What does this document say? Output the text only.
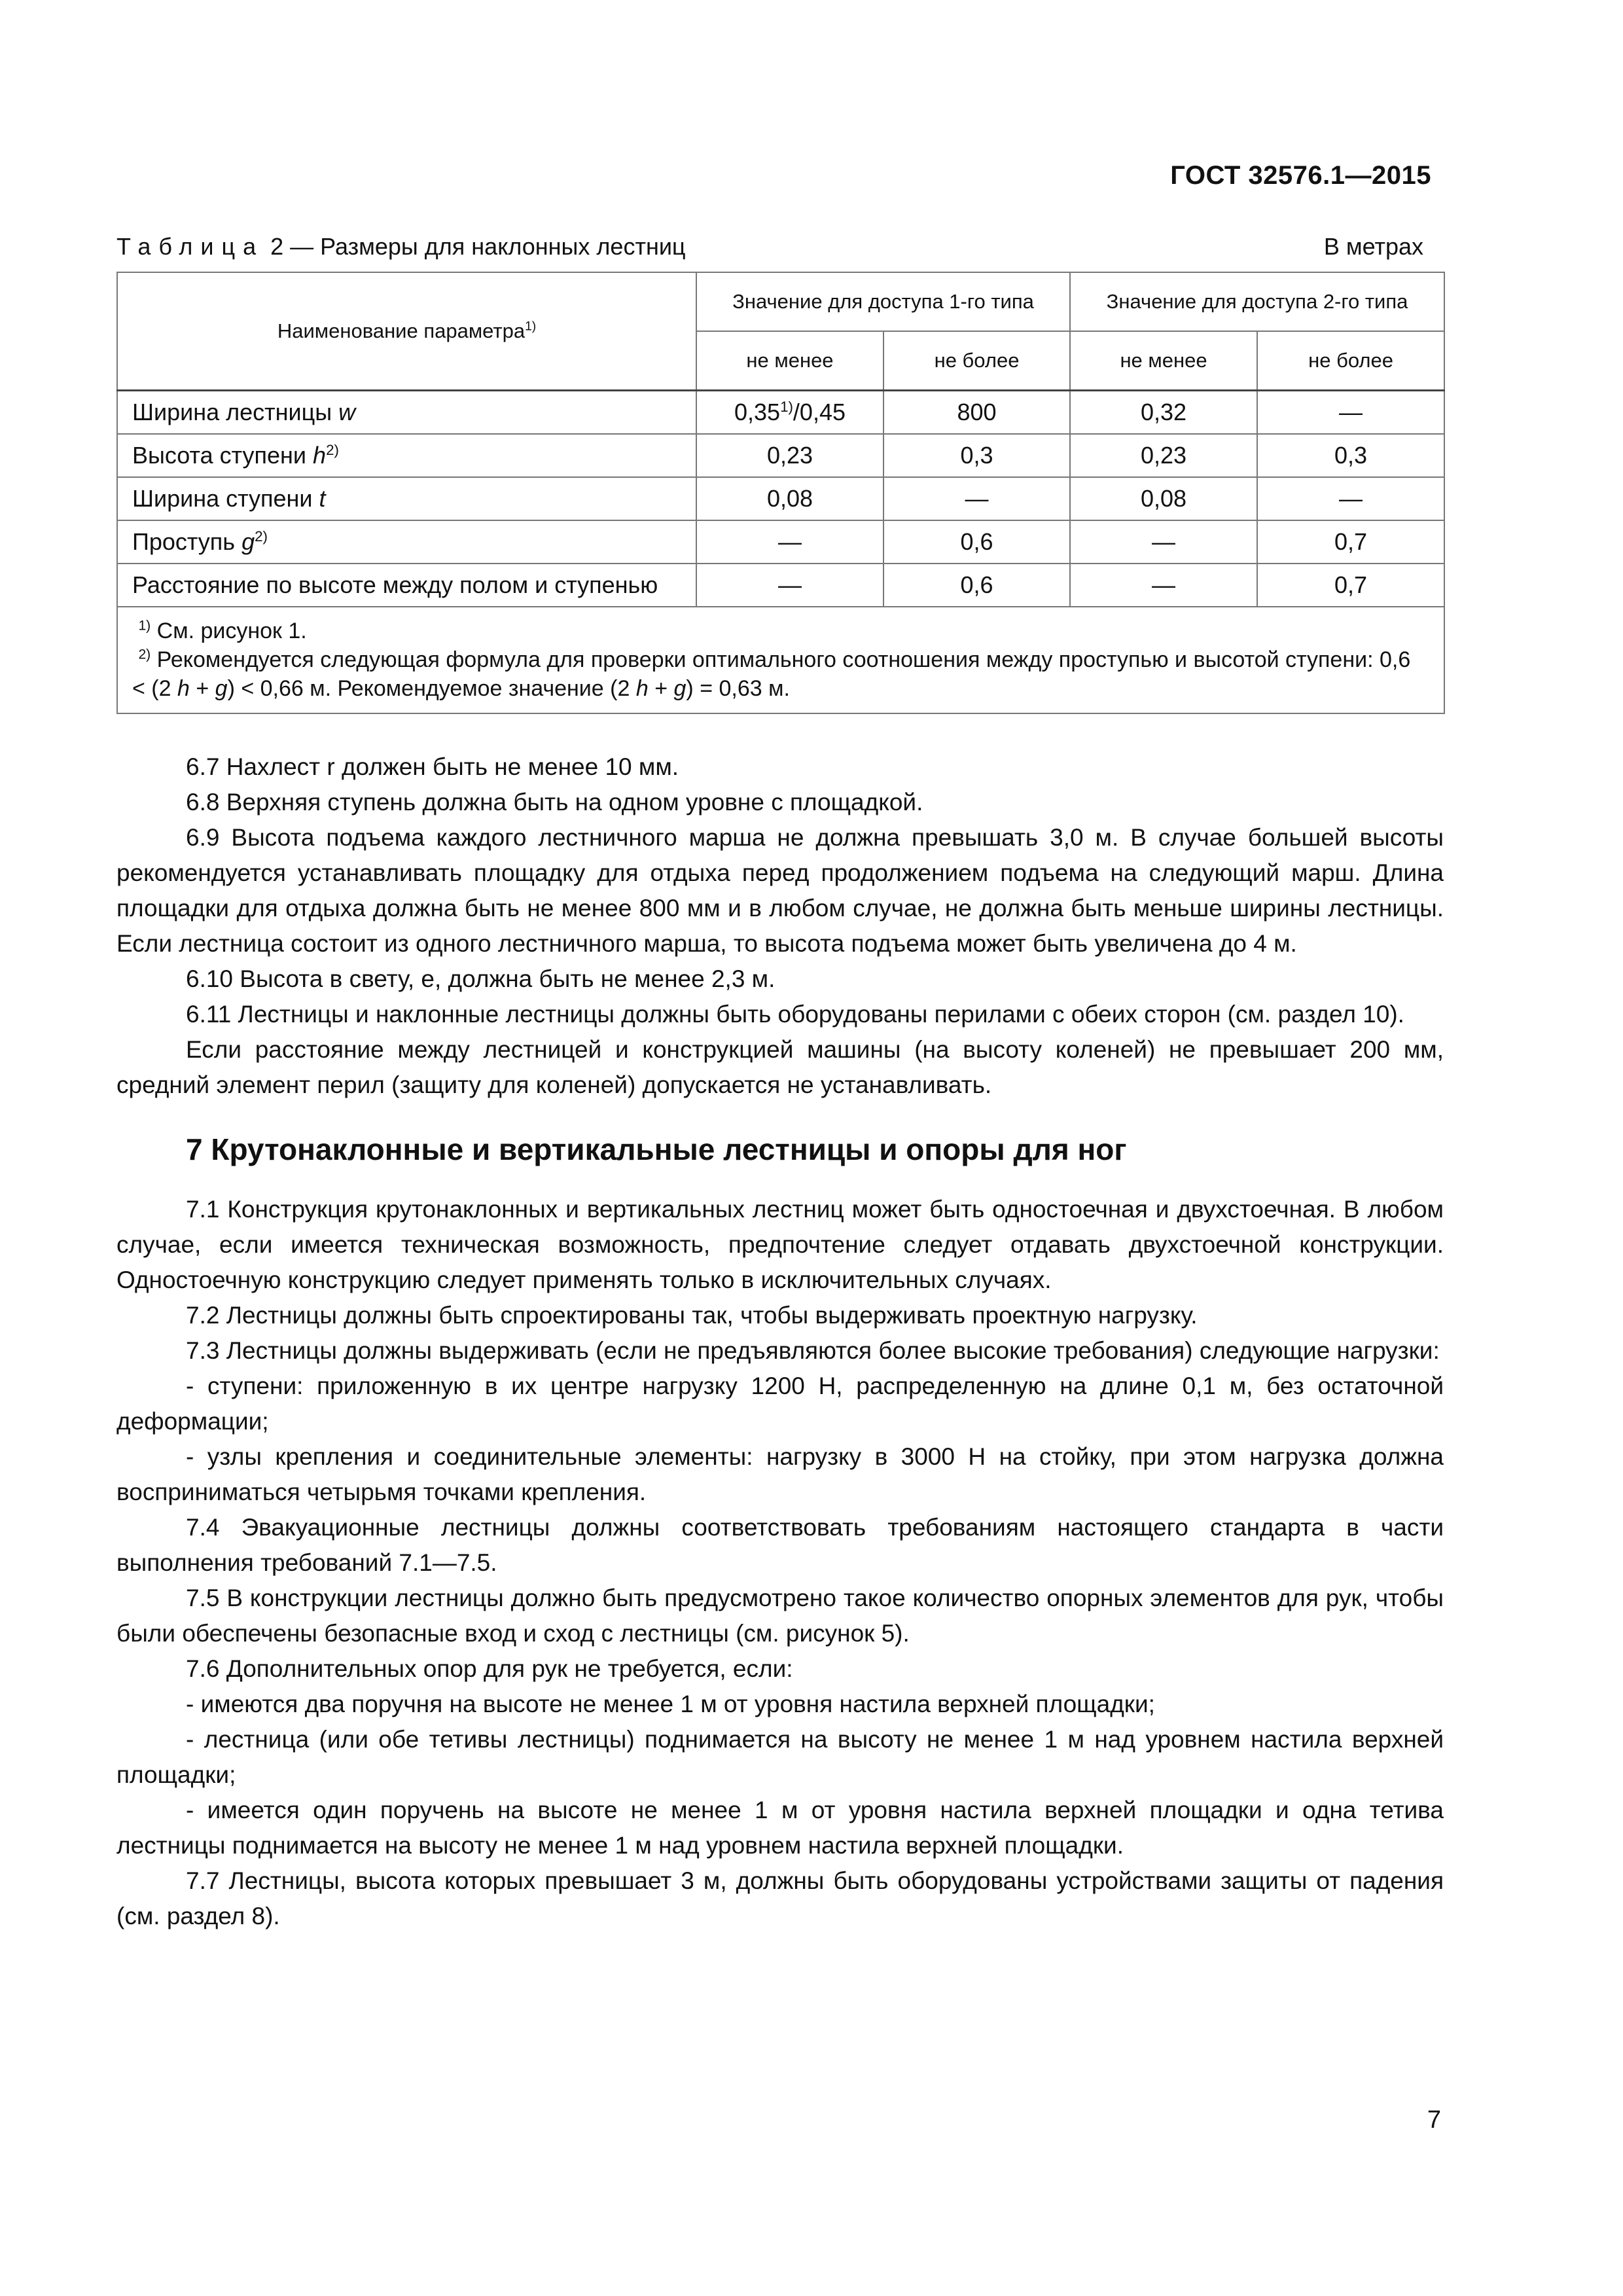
ГОСТ 32576.1—2015
Таблица 2 — Размеры для наклонных лестниц	В метрах
Наименование параметра$^{1)}$	Значение для доступа 1-го типа		Значение для доступа 2-го типа	
	не менее	не более	не менее	не более
Ширина лестницы w	0,35$^{1)}$/0,45	800	0,32	—
Высота ступени $h^{2)}$	0,23	0,3	0,23	0,3
Ширина ступени t	0,08	—	0,08	—
Проступь $g^{2)}$	—	0,6	—	0,7
Расстояние по высоте между полом и ступенью	—	0,6	—	0,7

$^{1)}$ См. рисунок 1.
$^{2)}$ Рекомендуется следующая формула для проверки оптимального соотношения между проступью и высотой ступени: 0,6 < (2 h + g) < 0,66 м. Рекомендуемое значение (2 h + g) = 0,63 м.				

6.7 Нахлест r должен быть не менее 10 мм.

6.8 Верхняя ступень должна быть на одном уровне с площадкой.

6.9 Высота подъема каждого лестничного марша не должна превышать 3,0 м. В случае большей высоты рекомендуется устанавливать площадку для отдыха перед продолжением подъема на следующий марш. Длина площадки для отдыха должна быть не менее 800 мм и в любом случае, не должна быть меньше ширины лестницы. Если лестница состоит из одного лестничного марша, то высота подъема может быть увеличена до 4 м.

6.10 Высота в свету, е, должна быть не менее 2,3 м.

6.11 Лестницы и наклонные лестницы должны быть оборудованы перилами с обеих сторон (см. раздел 10).

Если расстояние между лестницей и конструкцией машины (на высоту коленей) не превышает 200 мм, средний элемент перил (защиту для коленей) допускается не устанавливать.

7 Крутонаклонные и вертикальные лестницы и опоры для ног

7.1 Конструкция крутонаклонных и вертикальных лестниц может быть одностоечная и двухстоечная. В любом случае, если имеется техническая возможность, предпочтение следует отдавать двухстоечной конструкции. Одностоечную конструкцию следует применять только в исключительных случаях.

7.2 Лестницы должны быть спроектированы так, чтобы выдерживать проектную нагрузку.

7.3 Лестницы должны выдерживать (если не предъявляются более высокие требования) следующие нагрузки:

- ступени: приложенную в их центре нагрузку 1200 Н, распределенную на длине 0,1 м, без остаточной деформации;

- узлы крепления и соединительные элементы: нагрузку в 3000 Н на стойку, при этом нагрузка должна восприниматься четырьмя точками крепления.

7.4 Эвакуационные лестницы должны соответствовать требованиям настоящего стандарта в части выполнения требований 7.1—7.5.

7.5 В конструкции лестницы должно быть предусмотрено такое количество опорных элементов для рук, чтобы были обеспечены безопасные вход и сход с лестницы (см. рисунок 5).

7.6 Дополнительных опор для рук не требуется, если:

- имеются два поручня на высоте не менее 1 м от уровня настила верхней площадки;

- лестница (или обе тетивы лестницы) поднимается на высоту не менее 1 м над уровнем настила верхней площадки;

- имеется один поручень на высоте не менее 1 м от уровня настила верхней площадки и одна тетива лестницы поднимается на высоту не менее 1 м над уровнем настила верхней площадки.

7.7 Лестницы, высота которых превышает 3 м, должны быть оборудованы устройствами защиты от падения (см. раздел 8).

7
